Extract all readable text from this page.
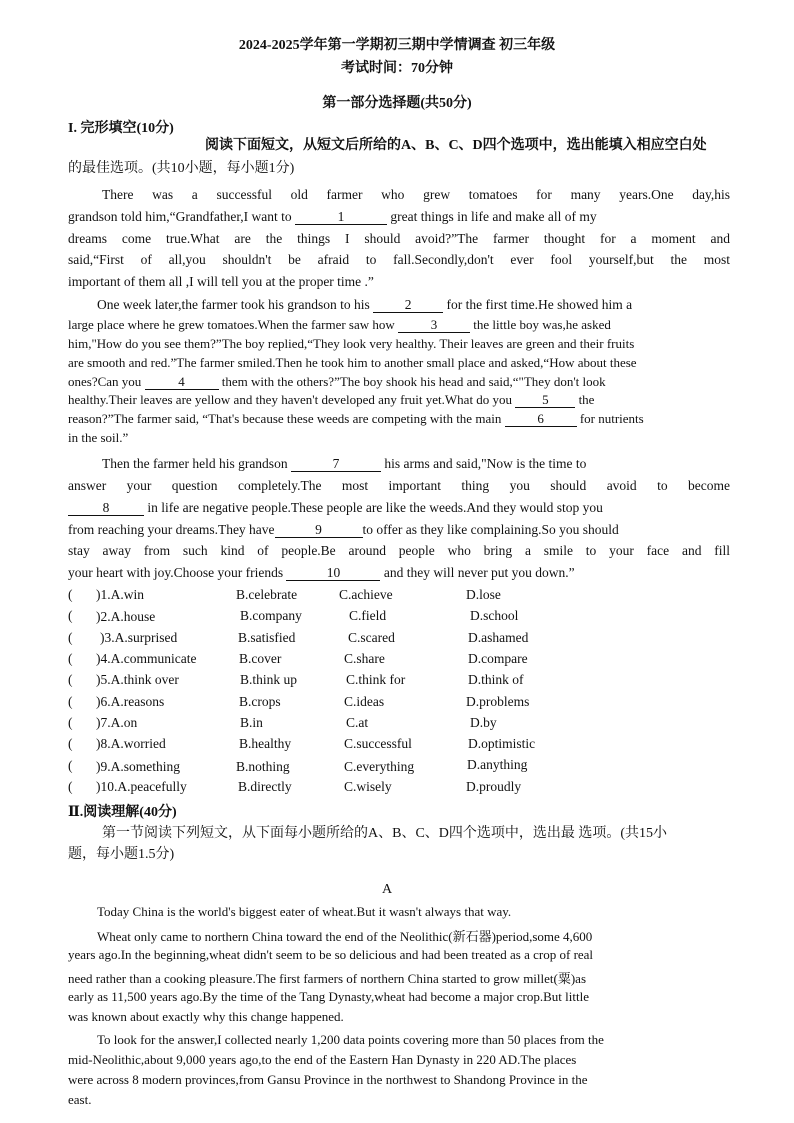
2024-2025学年第一学期初三期中学情调查 初三年级
考试时间：70分钟
第一部分选择题(共50分)
I. 完形填空(10分)
阅读下面短文，从短文后所给的A、B、C、D四个选项中，选出能填入相应空白处
的最佳选项。(共10小题，每小题1分)
There was a successful old farmer who grew tomatoes for many years.One day,his
grandson told him,“Grandfather,I want to	1	great things in life and make all of my
dreams come true.What are the things I should avoid?”The farmer thought for a moment and
said,“First of all,you shouldn't be afraid to fall.Secondly,don't ever fool yourself,but the most
important of them all ,I will tell you at the proper time .”
One week later,the farmer took his grandson to his	2	for the first time.He showed him a
large place where he grew tomatoes.When the farmer saw how	3	the little boy was,he asked
him,"How do you see them?”The boy replied,“They look very healthy. Their leaves are green and their fruits
are smooth and red.”The farmer smiled.Then he took him to another small place and asked,“How about these
ones?Can you	4	them with the others?”The boy shook his head and said,“"They don't look
healthy.Their leaves are yellow and they haven't developed any fruit yet.What do you 5 the
reason?”The farmer said, “That's because these weeds are competing with the main	6	for nutrients
in the soil.”
Then the farmer held his grandson	7	his arms and said,"Now is the time to
answer your question completely.The most important thing you should avoid to become
8	in life are negative people.These people are like the weeds.And they would stop you
from reaching your dreams.They have	9	to offer as they like complaining.So you should
stay away from such kind of people.Be around people who bring a smile to your face and fill
your heart with joy.Choose your friends	10	and they will never put you down.”
( )1.A.win	B.celebrate	C.achieve	D.lose
( )2.A.house	B.company	C.field	D.school
( )3.A.surprised	B.satisfied	C.scared	D.ashamed
( )4.A.communicate	B.cover	C.share	D.compare
( )5.A.think over	B.think up	C.think for	D.think of
( )6.A.reasons	B.crops	C.ideas	D.problems
( )7.A.on	B.in	C.at	D.by
( )8.A.worried	B.healthy	C.successful	D.optimistic
( )9.A.something	B.nothing	C.everything	D.anything
( )10.A.peacefully	B.directly	C.wisely	D.proudly
Ⅱ.阅读理解(40分)
第一节阅读下列短文，从下面每小题所给的A、B、C、D四个选项中，选出最 选项。(共15小
题，每小题1.5分)
A
Today China is the world's biggest eater of wheat.But it wasn't always that way.
Wheat only came to northern China toward the end of the Neolithic(新石器)period,some 4,600
years ago.In the beginning,wheat didn't seem to be so delicious and had been treated as a crop of real
need rather than a cooking pleasure.The first farmers of northern China started to grow millet(粟)as
early as 11,500 years ago.By the time of the Tang Dynasty,wheat had become a major crop.But little
was known about exactly why this change happened.
To look for the answer,I collected nearly 1,200 data points covering more than 50 places from the
mid-Neolithic,about 9,000 years ago,to the end of the Eastern Han Dynasty in 220 AD.The places
were across 8 modern provinces,from Gansu Province in the northwest to Shandong Province in the
east.
